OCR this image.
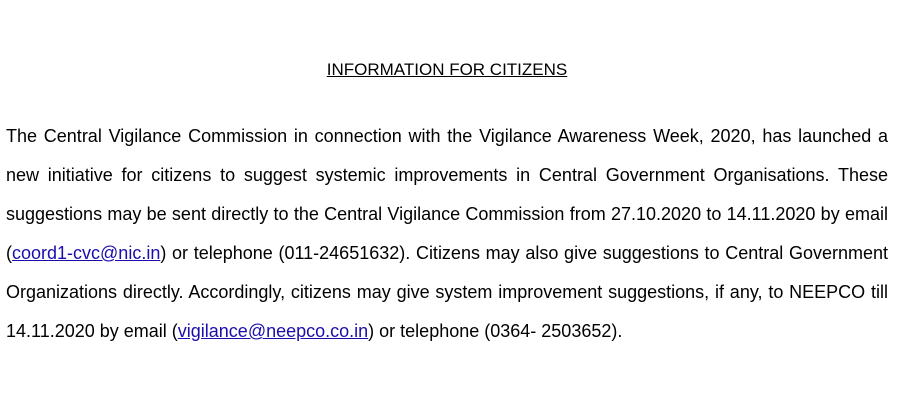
INFORMATION FOR CITIZENS

The Central Vigilance Commission in connection with the Vigilance Awareness Week, 2020, has launched a new initiative for citizens to suggest systemic improvements in Central Government Organisations. These suggestions may be sent directly to the Central Vigilance Commission from 27.10.2020 to 14.11.2020 by email (coord1-cvc@nic.in) or telephone (011-24651632). Citizens may also give suggestions to Central Government Organizations directly. Accordingly, citizens may give system improvement suggestions, if any, to NEEPCO till 14.11.2020 by email (vigilance@neepco.co.in) or telephone (0364- 2503652).
